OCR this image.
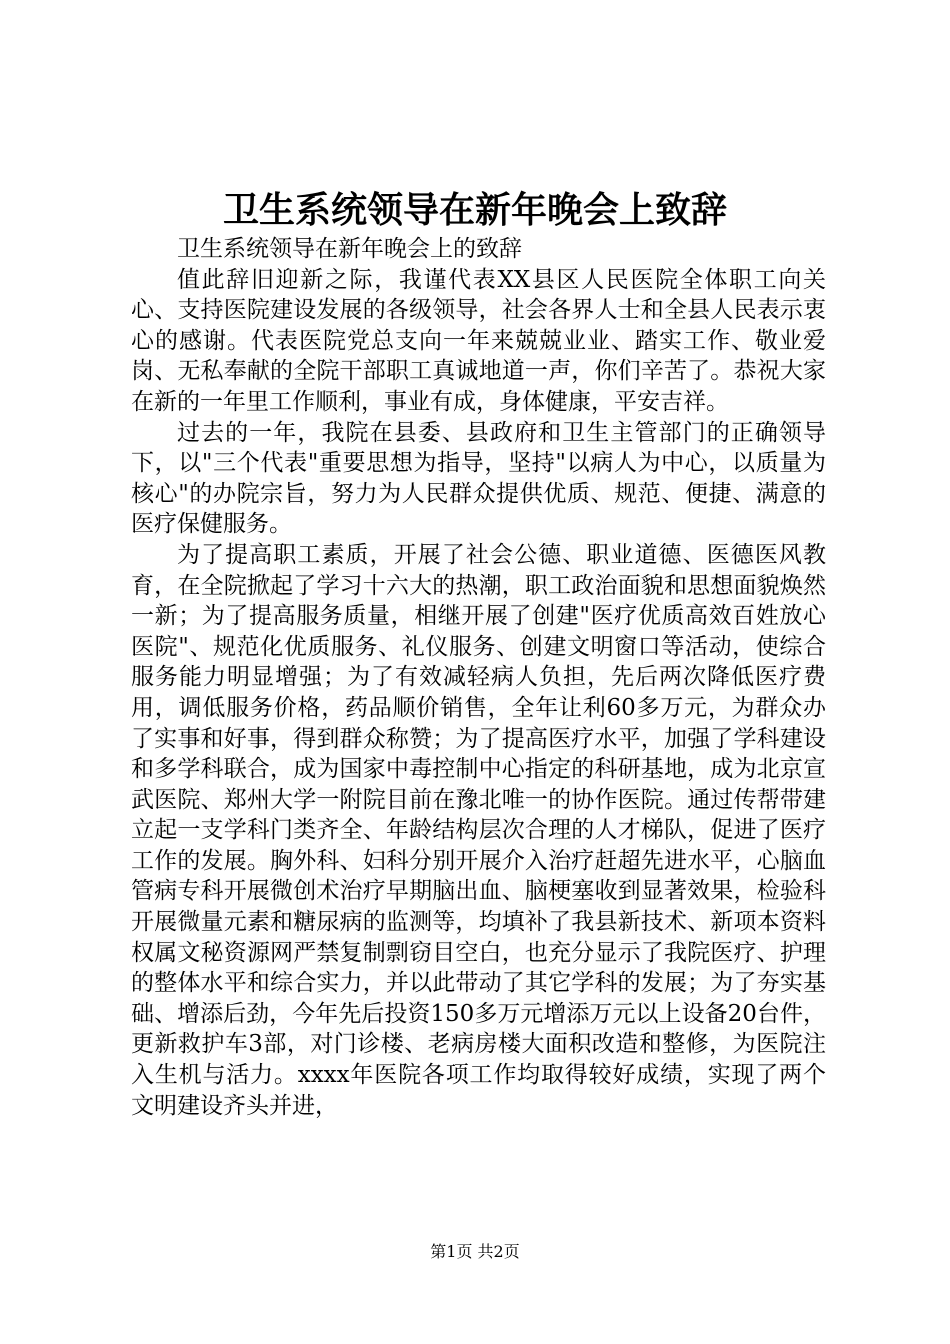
卫生系统领导在新年晚会上致辞

卫生系统领导在新年晚会上的致辞

值此辞旧迎新之际，我谨代表XX县区人民医院全体职工向关心、支持医院建设发展的各级领导，社会各界人士和全县人民表示衷心的感谢。代表医院党总支向一年来兢兢业业、踏实工作、敬业爱岗、无私奉献的全院干部职工真诚地道一声，你们辛苦了。恭祝大家在新的一年里工作顺利，事业有成，身体健康，平安吉祥。

过去的一年，我院在县委、县政府和卫生主管部门的正确领导下，以"三个代表"重要思想为指导，坚持"以病人为中心，以质量为核心"的办院宗旨，努力为人民群众提供优质、规范、便捷、满意的医疗保健服务。

为了提高职工素质，开展了社会公德、职业道德、医德医风教育，在全院掀起了学习十六大的热潮，职工政治面貌和思想面貌焕然一新；为了提高服务质量，相继开展了创建"医疗优质高效百姓放心医院"、规范化优质服务、礼仪服务、创建文明窗口等活动，使综合服务能力明显增强；为了有效减轻病人负担，先后两次降低医疗费用，调低服务价格，药品顺价销售，全年让利60多万元，为群众办了实事和好事，得到群众称赞；为了提高医疗水平，加强了学科建设和多学科联合，成为国家中毒控制中心指定的科研基地，成为北京宣武医院、郑州大学一附院目前在豫北唯一的协作医院。通过传帮带建立起一支学科门类齐全、年龄结构层次合理的人才梯队，促进了医疗工作的发展。胸外科、妇科分别开展介入治疗赶超先进水平，心脑血管病专科开展微创术治疗早期脑出血、脑梗塞收到显著效果，检验科开展微量元素和糖尿病的监测等，均填补了我县新技术、新项本资料权属文秘资源网严禁复制剽窃目空白，也充分显示了我院医疗、护理的整体水平和综合实力，并以此带动了其它学科的发展；为了夯实基础、增添后劲，今年先后投资150多万元增添万元以上设备20台件，更新救护车3部，对门诊楼、老病房楼大面积改造和整修，为医院注入生机与活力。xxxx年医院各项工作均取得较好成绩，实现了两个文明建设齐头并进，

第1页 共2页
